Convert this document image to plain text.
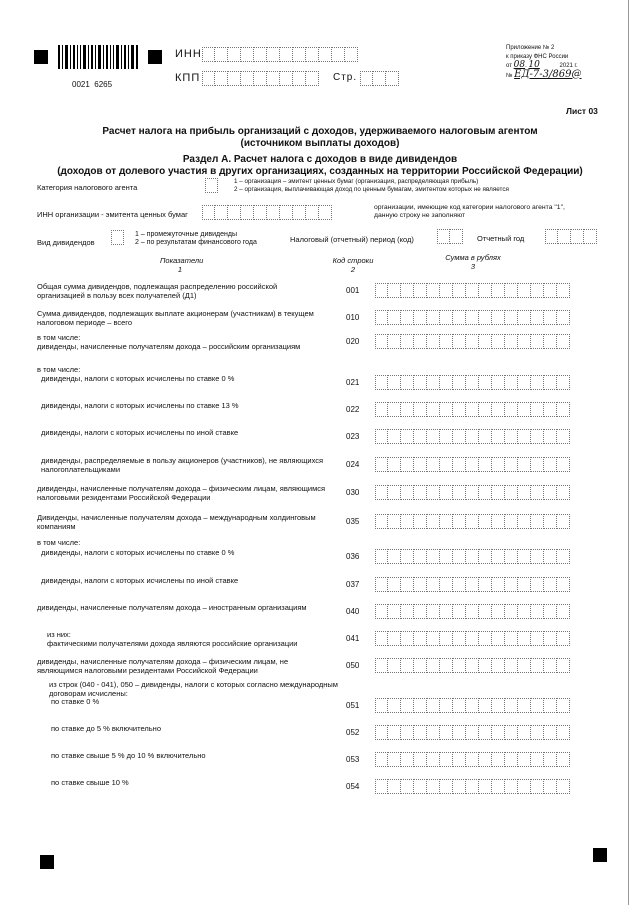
0021  6265
ИНН
КПП	Стр.
Приложение № 2
к приказу ФНС России
от 08. 10	2021 г.
№ ЕД-7-3/869@
Лист 03
Расчет налога на прибыль организаций с доходов, удерживаемого налоговым агентом
(источником выплаты доходов)
Раздел А. Расчет налога с доходов в виде дивидендов
(доходов от долевого участия в других организациях, созданных на территории Российской Федерации)
Категория налогового агента
1 – организация – эмитент ценных бумаг (организация, распределяющая прибыль)
2 – организация, выплачивающая доход по ценным бумагам, эмитентом которых не является
ИНН организации - эмитента ценных бумаг
организации, имеющие код категории налогового агента "1",
данную строку не заполняют
Вид дивидендов
1 – промежуточные дивиденды
2 – по результатам финансового года	Налоговый (отчетный) период (код)	Отчетный год
Показатели
1
Код строки
2
Сумма в рублях
3
Общая сумма дивидендов, подлежащая распределению российской организацией в пользу всех получателей (Д1)
001
Сумма дивидендов, подлежащих выплате акционерам (участникам) в текущем налоговом периоде – всего
010
в том числе:
дивиденды, начисленные получателям дохода – российским организациям
020
в том числе:
дивиденды, налоги с которых исчислены по ставке 0 %	021
дивиденды, налоги с которых исчислены по ставке 13 %	022
дивиденды, налоги с которых исчислены по иной ставке	023
дивиденды, распределяемые в пользу акционеров (участников), не являющихся налогоплательщиками
024
дивиденды, начисленные получателям дохода – физическим лицам, являющимся налоговыми резидентами Российской Федерации
030
Дивиденды, начисленные получателям дохода – международным холдинговым компаниям
035
в том числе:
дивиденды, налоги с которых исчислены по ставке 0 %	036
дивиденды, налоги с которых исчислены по иной ставке	037
дивиденды, начисленные получателям дохода – иностранным организациям	040
из них:
фактическими получателями дохода являются российские организации
041
дивиденды, начисленные получателям дохода – физическим лицам, не являющимся налоговыми резидентами Российской Федерации
050
из строк (040 - 041), 050 – дивиденды, налоги с которых согласно международным договорам исчислены:
по ставке 0 %	051
по ставке до 5 % включительно	052
по ставке свыше 5 % до 10 % включительно	053
по ставке свыше 10 %	054
